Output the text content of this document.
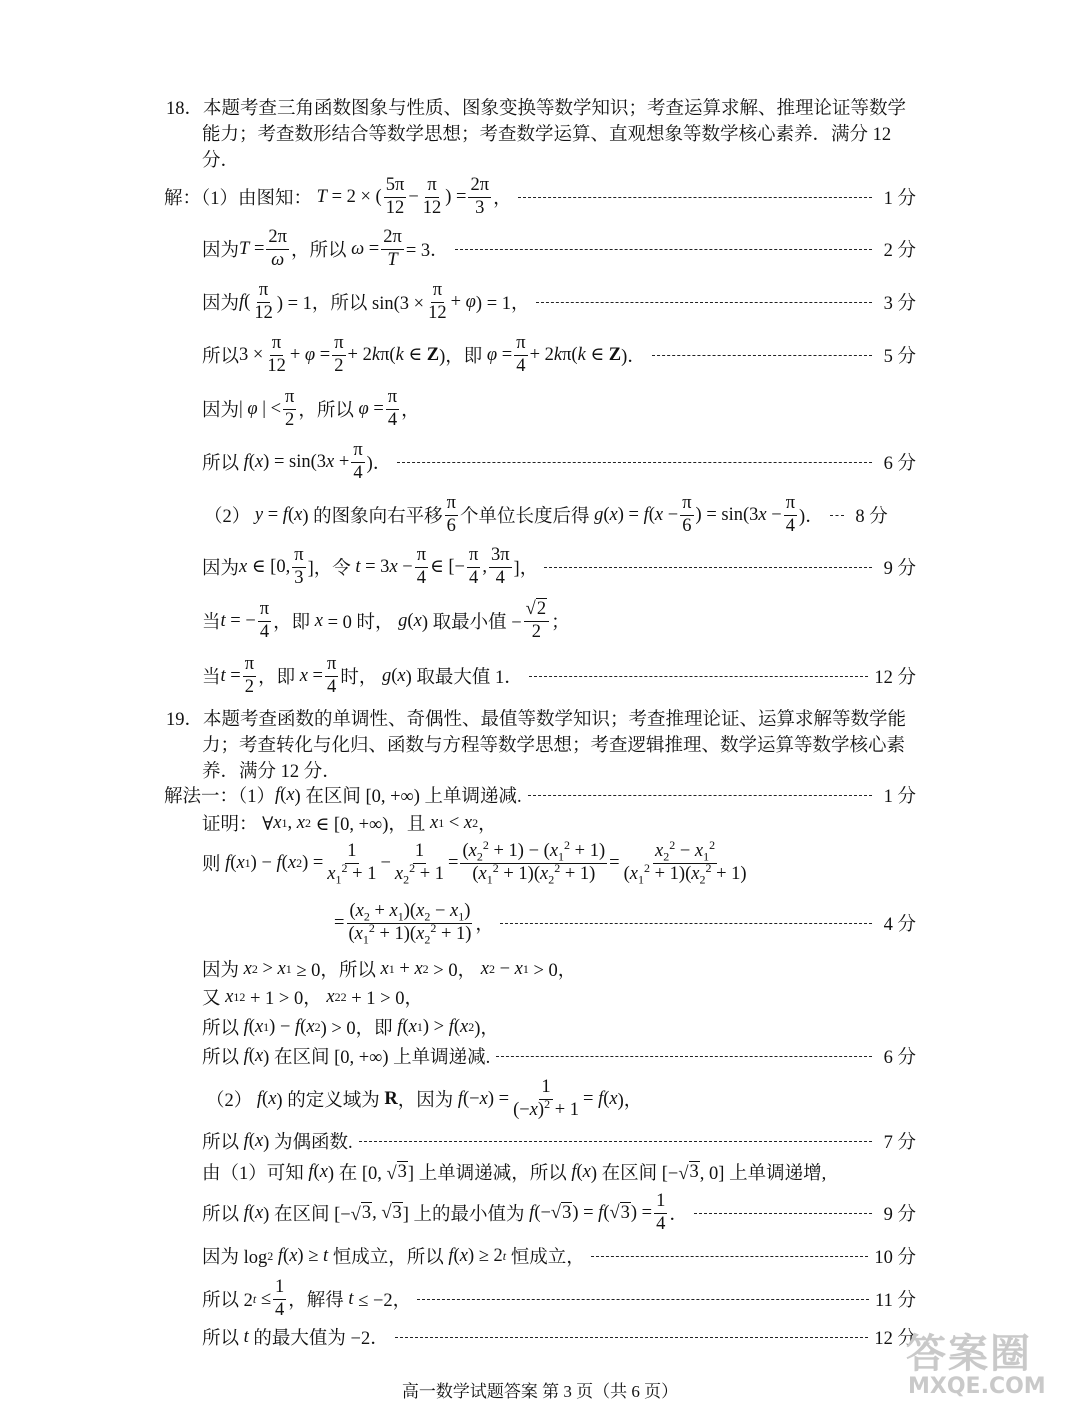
18．本题考查三角函数图象与性质、图象变换等数学知识；考查运算求解、推理论证等数学能力；考查数形结合等数学思想；考查数学运算、直观想象等数学核心素养．满分 12 分．
解：（1）由图知：
T = 2 × ( $\frac{5\pi}{12} - \frac{\pi}{12}$ ) = $\frac{2\pi}{3}$ ，	1 分
因为 $T = \frac{2\pi}{\omega}$ ，所以 $\omega = \frac{2\pi}{T} = 3$．	2 分
因为 f ( $\frac{\pi}{12}$ ) = 1，所以 $\sin(3 \times \frac{\pi}{12} + \varphi$ ) = 1，	3 分
所以 $3 \times \frac{\pi}{12} + \varphi = \frac{\pi}{2} + 2$ k π( k ∈ Z )，即 $\varphi = \frac{\pi}{4} + 2$ k π( k ∈ Z )．	5 分
因为 | φ | < $\frac{\pi}{2}$ ，所以 $\varphi = \frac{\pi}{4}$ ，
所以
f ( x ) = sin(3 $x + \frac{\pi}{4}$ )．	6 分
（2）
y = f ( x ) 的图象向右平移 $\frac{\pi}{6}$ 个单位长度后得 g ( x ) = f ( $x - \frac{\pi}{6}$ ) = sin(3 $x - \frac{\pi}{4}$ )．	8 分
因为 x ∈ [0, $\frac{\pi}{3}$ ]，令 t = 3 $x - \frac{\pi}{4}$ ∈ [− $\frac{\pi}{4}$ , $\frac{3\pi}{4}$ ]，	9 分
当 t = − $\frac{\pi}{4}$ ，即 x = 0 时， g ( x ) 取最小值 − $\frac{√2}{2}$ ；
当 $t = \frac{\pi}{2}$ ，即 $x = \frac{\pi}{4}$ 时， g ( x ) 取最大值 1．	12 分
19．本题考查函数的单调性、奇偶性、最值等数学知识；考查推理论证、运算求解等数学能力；考查转化与化归、函数与方程等数学思想；考查逻辑推理、数学运算等数学核心素养．满分 12 分．
解法一：（1） f ( x ) 在区间 [0, +∞) 上单调递减.	1 分
证明： ∀ x 1 , x 2 ∈ [0, +∞)，且 x 1 < x 2 ，
则 f ( x 1 ) − f ( x 2 ) = $\frac{1}{x_1^2 + 1} - \frac{1}{x_2^2 + 1} = \frac{(x_2^2 + 1) - (x_1^2 + 1)}{(x_1^2 + 1)(x_2^2 + 1)} = \frac{x_2^2 - x_1^2}{(x_1^2 + 1)(x_2^2 + 1)}$
= $\frac{(x_2 + x_1)(x_2 - x_1)}{(x_1^2 + 1)(x_2^2 + 1)}$ ，	4 分
因为 x 2 > x 1 ≥ 0，所以 x 1 + x 2 > 0， x 2 − x 1 > 0，
又 x 1 2 + 1 > 0， x 2 2 + 1 > 0，
所以 f ( x 1 ) − f ( x 2 ) > 0，即 f ( x 1 ) > f ( x 2 )，
所以 f ( x ) 在区间 [0, +∞) 上单调递减.	6 分
（2） f ( x ) 的定义域为 R ，因为 f (− x ) = $\frac{1}{(-x)^2 + 1} = f$ ( x )，
所以 f ( x ) 为偶函数.	7 分
由（1）可知 f ( x ) 在 [0, √ 3 ] 上单调递减，所以 f ( x ) 在区间 [−√ 3 , 0] 上单调递增,
所以 f ( x ) 在区间 [−√ 3 , √ 3 ] 上的最小值为 f (−√ 3 ) = f (√ 3 ) = $\frac{1}{4}$ ．	9 分
因为 log 2
f ( x ) ≥ t 恒成立，所以 f ( x ) ≥ 2 t 恒成立，	10 分
所以 2 $t \le \frac{1}{4}$ ，解得 t ≤ −2，	11 分
所以 t 的最大值为 −2．	12 分
高一数学试题答案 第 3 页（共 6 页）
答案圈
MXQE.COM
